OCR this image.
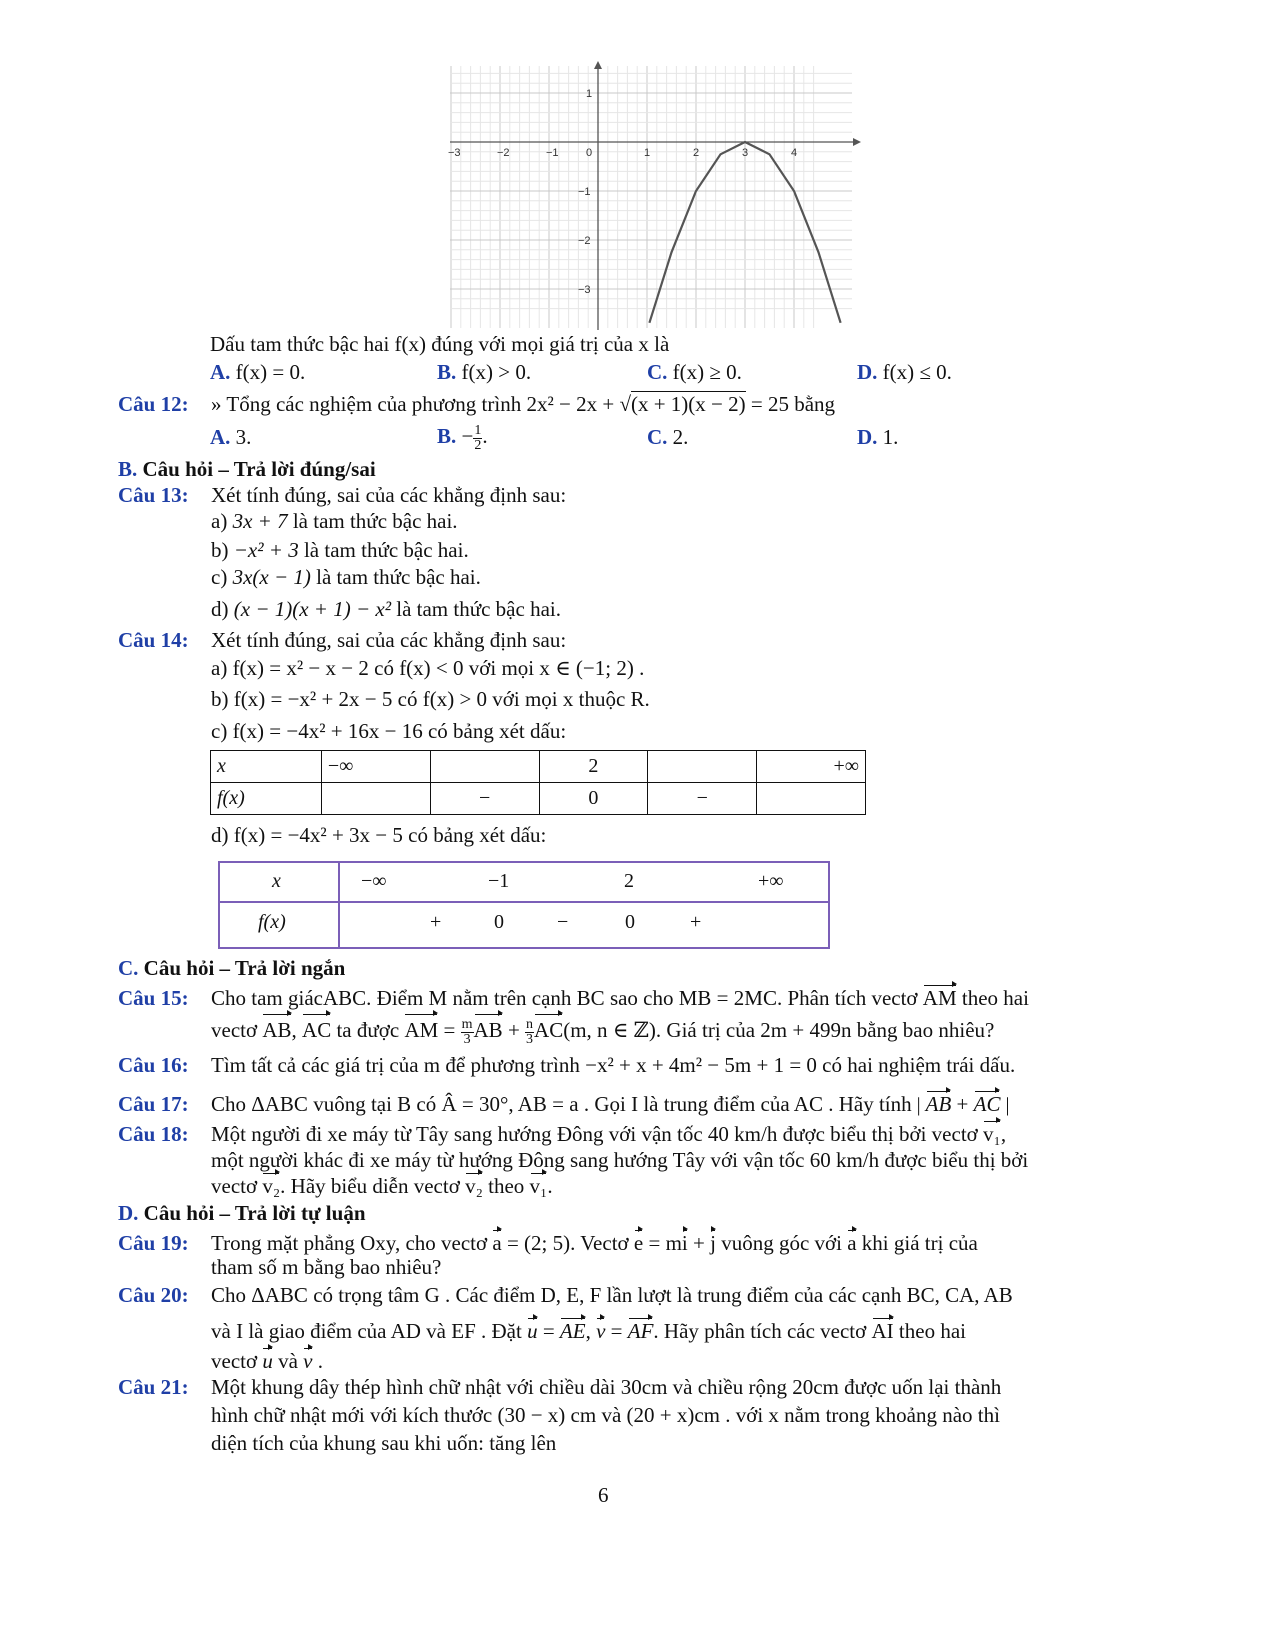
−3	−2	−1 0	1	2	3	4
1
−1
−2
−3
Dấu tam thức bậc hai f(x) đúng với mọi giá trị của x là
A. f(x) = 0.	B. f(x) > 0.	C. f(x) ≥ 0.	D. f(x) ≤ 0.
Câu 12: » Tổng các nghiệm của phương trình 2x² − 2x + √(x + 1)(x − 2) = 25 bằng
A. 3.	B. − $\frac{1}{2}$ .	C. 2.	D. 1.
B. Câu hỏi – Trả lời đúng/sai
Câu 13: Xét tính đúng, sai của các khẳng định sau:
a) 3x + 7 là tam thức bậc hai.
b) −x² + 3 là tam thức bậc hai.
c) 3x(x − 1) là tam thức bậc hai.
d) (x − 1)(x + 1) − x² là tam thức bậc hai.
Câu 14: Xét tính đúng, sai của các khẳng định sau:
a) f(x) = x² − x − 2 có f(x) < 0 với mọi x ∈ (−1; 2) .
b) f(x) = −x² + 2x − 5 có f(x) > 0 với mọi x thuộc R.
c) f(x) = −4x² + 16x − 16 có bảng xét dấu:
x	−∞		2		+∞
f(x)		−	0	−	
d) f(x) = −4x² + 3x − 5 có bảng xét dấu:
x	−∞	−1	2	+∞
f(x)	+	0	−	0	+
C. Câu hỏi – Trả lời ngắn
Câu 15: Cho tam giácABC. Điểm M nằm trên cạnh BC sao cho MB = 2MC. Phân tích vectơ AM theo hai
vectơ AB, AC ta được AM = $\frac{m}{3}$ AB + $\frac{n}{3} AC(m$, n ∈ ℤ). Giá trị của 2m + 499n bằng bao nhiêu?
Câu 16: Tìm tất cả các giá trị của m để phương trình −x² + x + 4m² − 5m + 1 = 0 có hai nghiệm trái dấu.
Câu 17: Cho ΔABC vuông tại B có Â = 30°, AB = a . Gọi I là trung điểm của AC . Hãy tính | AB + AC |
Câu 18: Một người đi xe máy từ Tây sang hướng Đông với vận tốc 40 km/h được biểu thị bởi vectơ v₁,
một người khác đi xe máy từ hướng Đông sang hướng Tây với vận tốc 60 km/h được biểu thị bởi
vectơ v₂. Hãy biểu diễn vectơ v₂ theo v₁.
D. Câu hỏi – Trả lời tự luận
Câu 19: Trong mặt phẳng Oxy, cho vectơ a = (2; 5). Vectơ e = mi + j vuông góc với a khi giá trị của
tham số m bằng bao nhiêu?
Câu 20: Cho ΔABC có trọng tâm G . Các điểm D, E, F lần lượt là trung điểm của các cạnh BC, CA, AB
và I là giao điểm của AD và EF . Đặt u = AE, v = AF. Hãy phân tích các vectơ AI theo hai
vectơ u và v .
Câu 21: Một khung dây thép hình chữ nhật với chiều dài 30cm và chiều rộng 20cm được uốn lại thành
hình chữ nhật mới với kích thước (30 − x) cm và (20 + x)cm . với x nằm trong khoảng nào thì
diện tích của khung sau khi uốn: tăng lên
6
